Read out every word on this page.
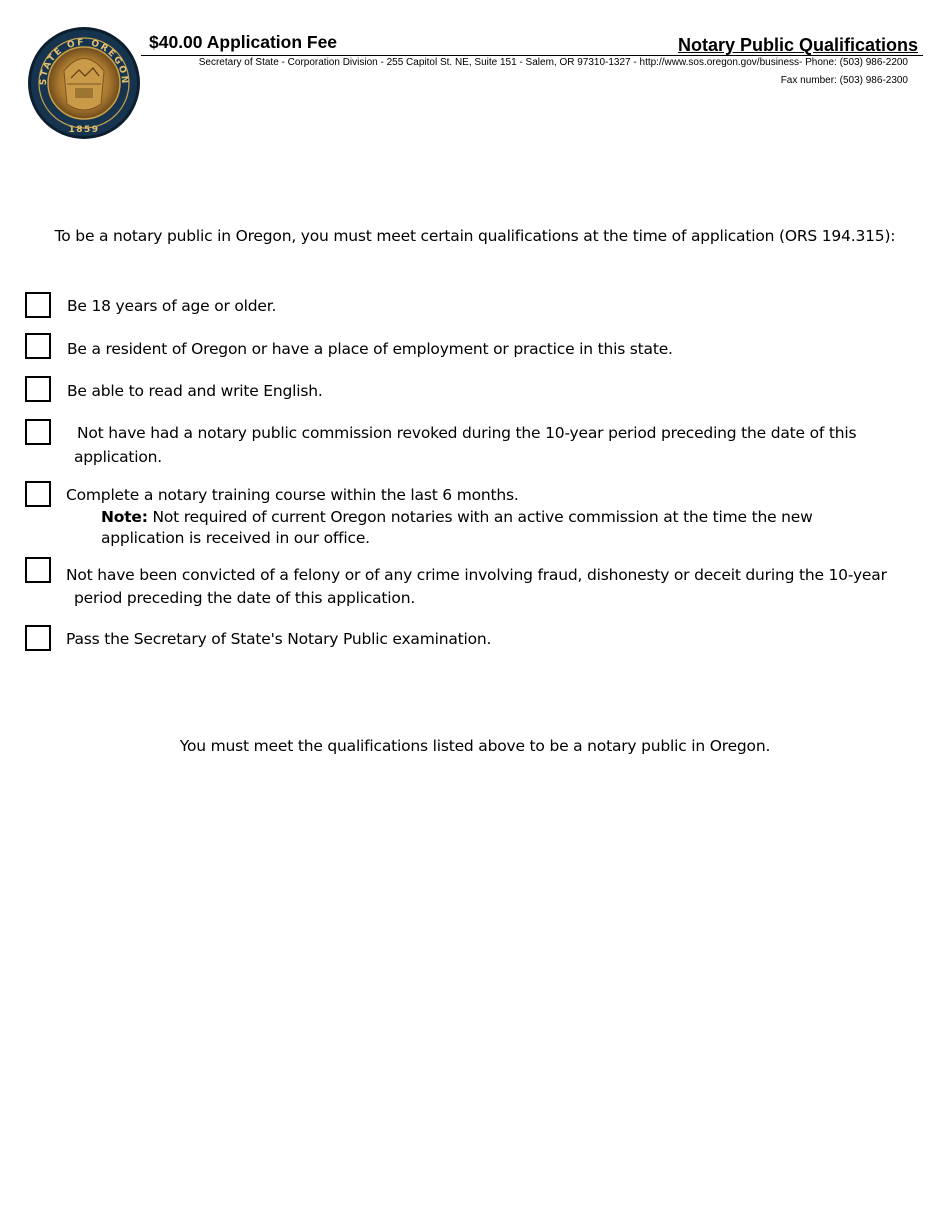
STATE OF OREGON
1859
$40.00 Application Fee	Notary Public Qualifications
Secretary of State - Corporation Division - 255 Capitol St. NE, Suite 151 - Salem, OR 97310-1327 - http://www.sos.oregon.gov/business- Phone: (503) 986-2200
Fax number: (503) 986-2300
To be a notary public in Oregon, you must meet certain qualifications at the time of application (ORS 194.315):
Be 18 years of age or older.
Be a resident of Oregon or have a place of employment or practice in this state.
Be able to read and write English.
Not have had a notary public commission revoked during the 10-year period preceding the date of this
application.
Complete a notary training course within the last 6 months.
Note: Not required of current Oregon notaries with an active commission at the time the new
application is received in our office.
Not have been convicted of a felony or of any crime involving fraud, dishonesty or deceit during the 10-year
period preceding the date of this application.
Pass the Secretary of State's Notary Public examination.
You must meet the qualifications listed above to be a notary public in Oregon.
